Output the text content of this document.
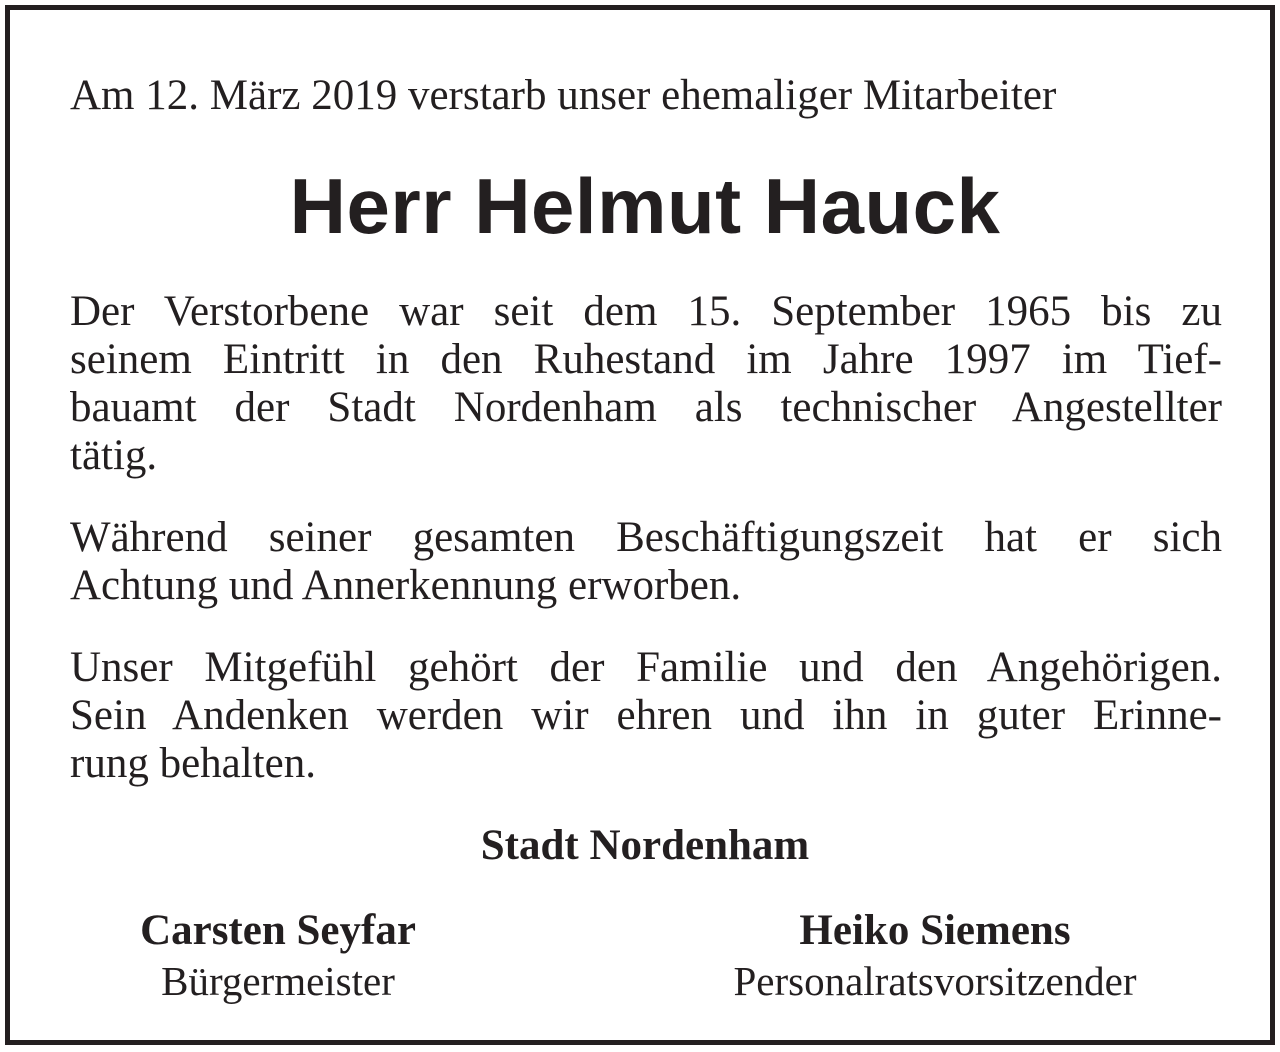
Am 12. März 2019 verstarb unser ehemaliger Mitarbeiter

Herr Helmut Hauck
Der Verstorbene war seit dem 15. September 1965 bis zu
seinem Eintritt in den Ruhestand im Jahre 1997 im Tief-
bauamt der Stadt Nordenham als technischer Angestellter
tätig.
Während seiner gesamten Beschäftigungszeit hat er sich
Achtung und Annerkennung erworben.
Unser Mitgefühl gehört der Familie und den Angehörigen.
Sein Andenken werden wir ehren und ihn in guter Erinne-
rung behalten.

Stadt Nordenham

Carsten Seyfar
Bürgermeister
Heiko Siemens
Personalratsvorsitzender
